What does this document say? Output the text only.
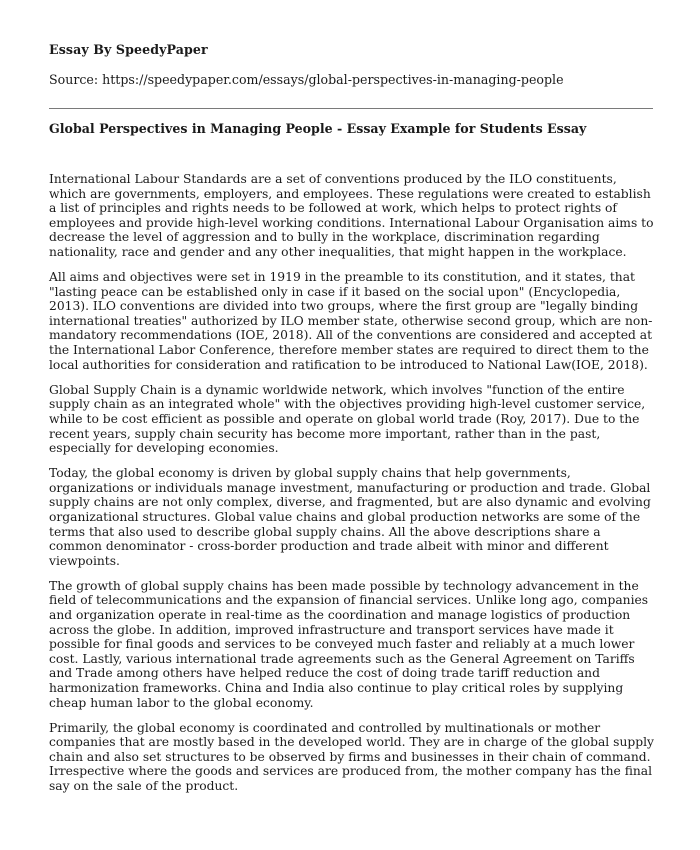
Essay By SpeedyPaper
Source: https://speedypaper.com/essays/global-perspectives-in-managing-people
Global Perspectives in Managing People - Essay Example for Students Essay

International Labour Standards are a set of conventions produced by the ILO constituents, which are governments, employers, and employees. These regulations were created to establish a list of principles and rights needs to be followed at work, which helps to protect rights of employees and provide high-level working conditions. International Labour Organisation aims to decrease the level of aggression and to bully in the workplace, discrimination regarding nationality, race and gender and any other inequalities, that might happen in the workplace.

All aims and objectives were set in 1919 in the preamble to its constitution, and it states, that "lasting peace can be established only in case if it based on the social upon" (Encyclopedia, 2013). ILO conventions are divided into two groups, where the first group are "legally binding international treaties" authorized by ILO member state, otherwise second group, which are non-mandatory recommendations (IOE, 2018). All of the conventions are considered and accepted at the International Labor Conference, therefore member states are required to direct them to the local authorities for consideration and ratification to be introduced to National Law(IOE, 2018).

Global Supply Chain is a dynamic worldwide network, which involves "function of the entire supply chain as an integrated whole" with the objectives providing high-level customer service, while to be cost efficient as possible and operate on global world trade (Roy, 2017). Due to the recent years, supply chain security has become more important, rather than in the past, especially for developing economies.

Today, the global economy is driven by global supply chains that help governments, organizations or individuals manage investment, manufacturing or production and trade. Global supply chains are not only complex, diverse, and fragmented, but are also dynamic and evolving organizational structures. Global value chains and global production networks are some of the terms that also used to describe global supply chains. All the above descriptions share a common denominator - cross-border production and trade albeit with minor and different viewpoints.

The growth of global supply chains has been made possible by technology advancement in the field of telecommunications and the expansion of financial services. Unlike long ago, companies and organization operate in real-time as the coordination and manage logistics of production across the globe. In addition, improved infrastructure and transport services have made it possible for final goods and services to be conveyed much faster and reliably at a much lower cost. Lastly, various international trade agreements such as the General Agreement on Tariffs and Trade among others have helped reduce the cost of doing trade tariff reduction and harmonization frameworks. China and India also continue to play critical roles by supplying cheap human labor to the global economy.

Primarily, the global economy is coordinated and controlled by multinationals or mother companies that are mostly based in the developed world. They are in charge of the global supply chain and also set structures to be observed by firms and businesses in their chain of command. Irrespective where the goods and services are produced from, the mother company has the final say on the sale of the product.
